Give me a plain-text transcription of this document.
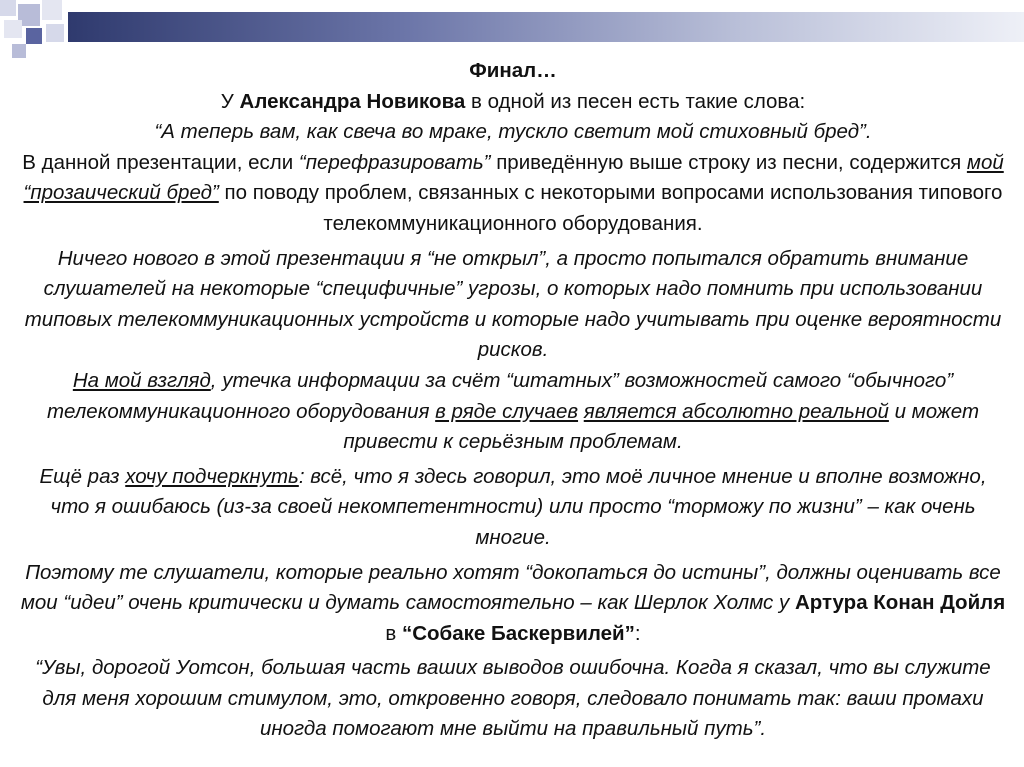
Финал…

У Александра Новикова в одной из песен есть такие слова:

“А теперь вам, как свеча во мраке, тускло светит мой стиховный бред”.

В данной презентации, если “перефразировать” приведённую выше строку из песни, содержится мой “прозаический бред” по поводу проблем, связанных с некоторыми вопросами использования типового телекоммуникационного оборудования.

Ничего нового в этой презентации я “не открыл”, а просто попытался обратить внимание слушателей на некоторые “специфичные” угрозы, о которых надо помнить при использовании типовых телекоммуникационных устройств и которые надо учитывать при оценке вероятности рисков.

На мой взгляд, утечка информации за счёт “штатных” возможностей самого “обычного” телекоммуникационного оборудования в ряде случаев является абсолютно реальной и может привести к серьёзным проблемам.

Ещё раз хочу подчеркнуть: всё, что я здесь говорил, это моё личное мнение и вполне возможно, что я ошибаюсь (из-за своей некомпетентности) или просто “торможу по жизни” – как очень многие.

Поэтому те слушатели, которые реально хотят “докопаться до истины”, должны оценивать все мои “идеи” очень критически и думать самостоятельно – как Шерлок Холмс у Артура Конан Дойля в “Собаке Баскервилей”:

“Увы, дорогой Уотсон, большая часть ваших выводов ошибочна. Когда я сказал, что вы служите для меня хорошим стимулом, это, откровенно говоря, следовало понимать так: ваши промахи иногда помогают мне выйти на правильный путь”.
